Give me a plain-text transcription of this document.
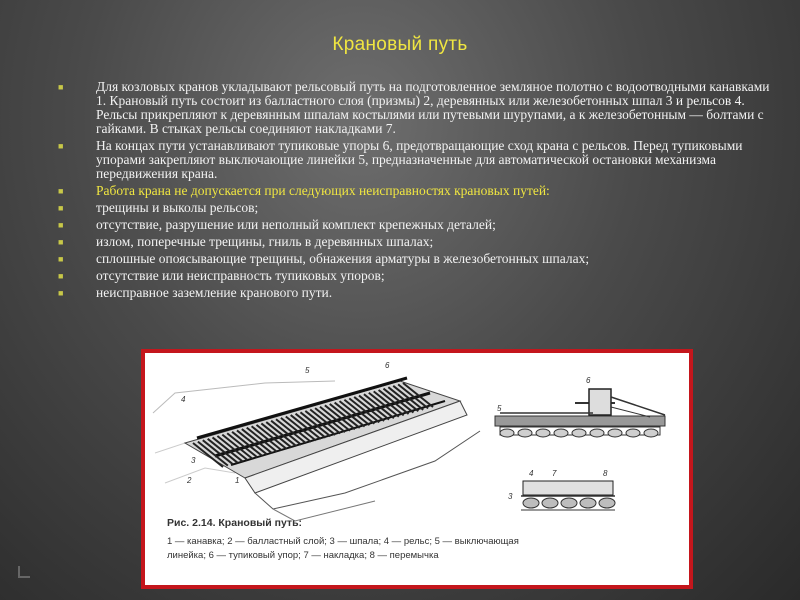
Крановый путь
■ Для козловых кранов укладывают рельсовый путь на подготовленное земляное полотно с водоотводными канавками 1. Крановый путь состоит из балластного слоя (призмы) 2, деревянных или железобетонных шпал 3 и рельсов 4. Рельсы прикрепляют к деревянным шпалам костылями или путевыми шурупами, а к железобетонным — болтами с гайками. В стыках рельсы соединяют накладками 7.
■ На концах пути устанавливают тупиковые упоры 6, предотвращающие сход крана с рельсов. Перед тупиковыми упорами закрепляют выключающие линейки 5, предназначенные для автоматической остановки механизма передвижения крана.
■ Работа крана не допускается при следующих неисправностях крановых путей:
■ трещины и выколы рельсов;
■ отсутствие, разрушение или неполный комплект крепежных деталей;
■ излом, поперечные трещины, гниль в деревянных шпалах;
■ сплошные опоясывающие трещины, обнажения арматуры в железобетонных шпалах;
■ отсутствие или неисправность тупиковых упоров;
■ неисправное заземление кранового пути.
5
6
4
3
2	1
5
6
4 7	8
3
Рис. 2.14. Крановый путь:
1 — канавка; 2 — балластный слой; 3 — шпала; 4 — рельс; 5 — выключающая
линейка; 6 — тупиковый упор; 7 — накладка; 8 — перемычка
